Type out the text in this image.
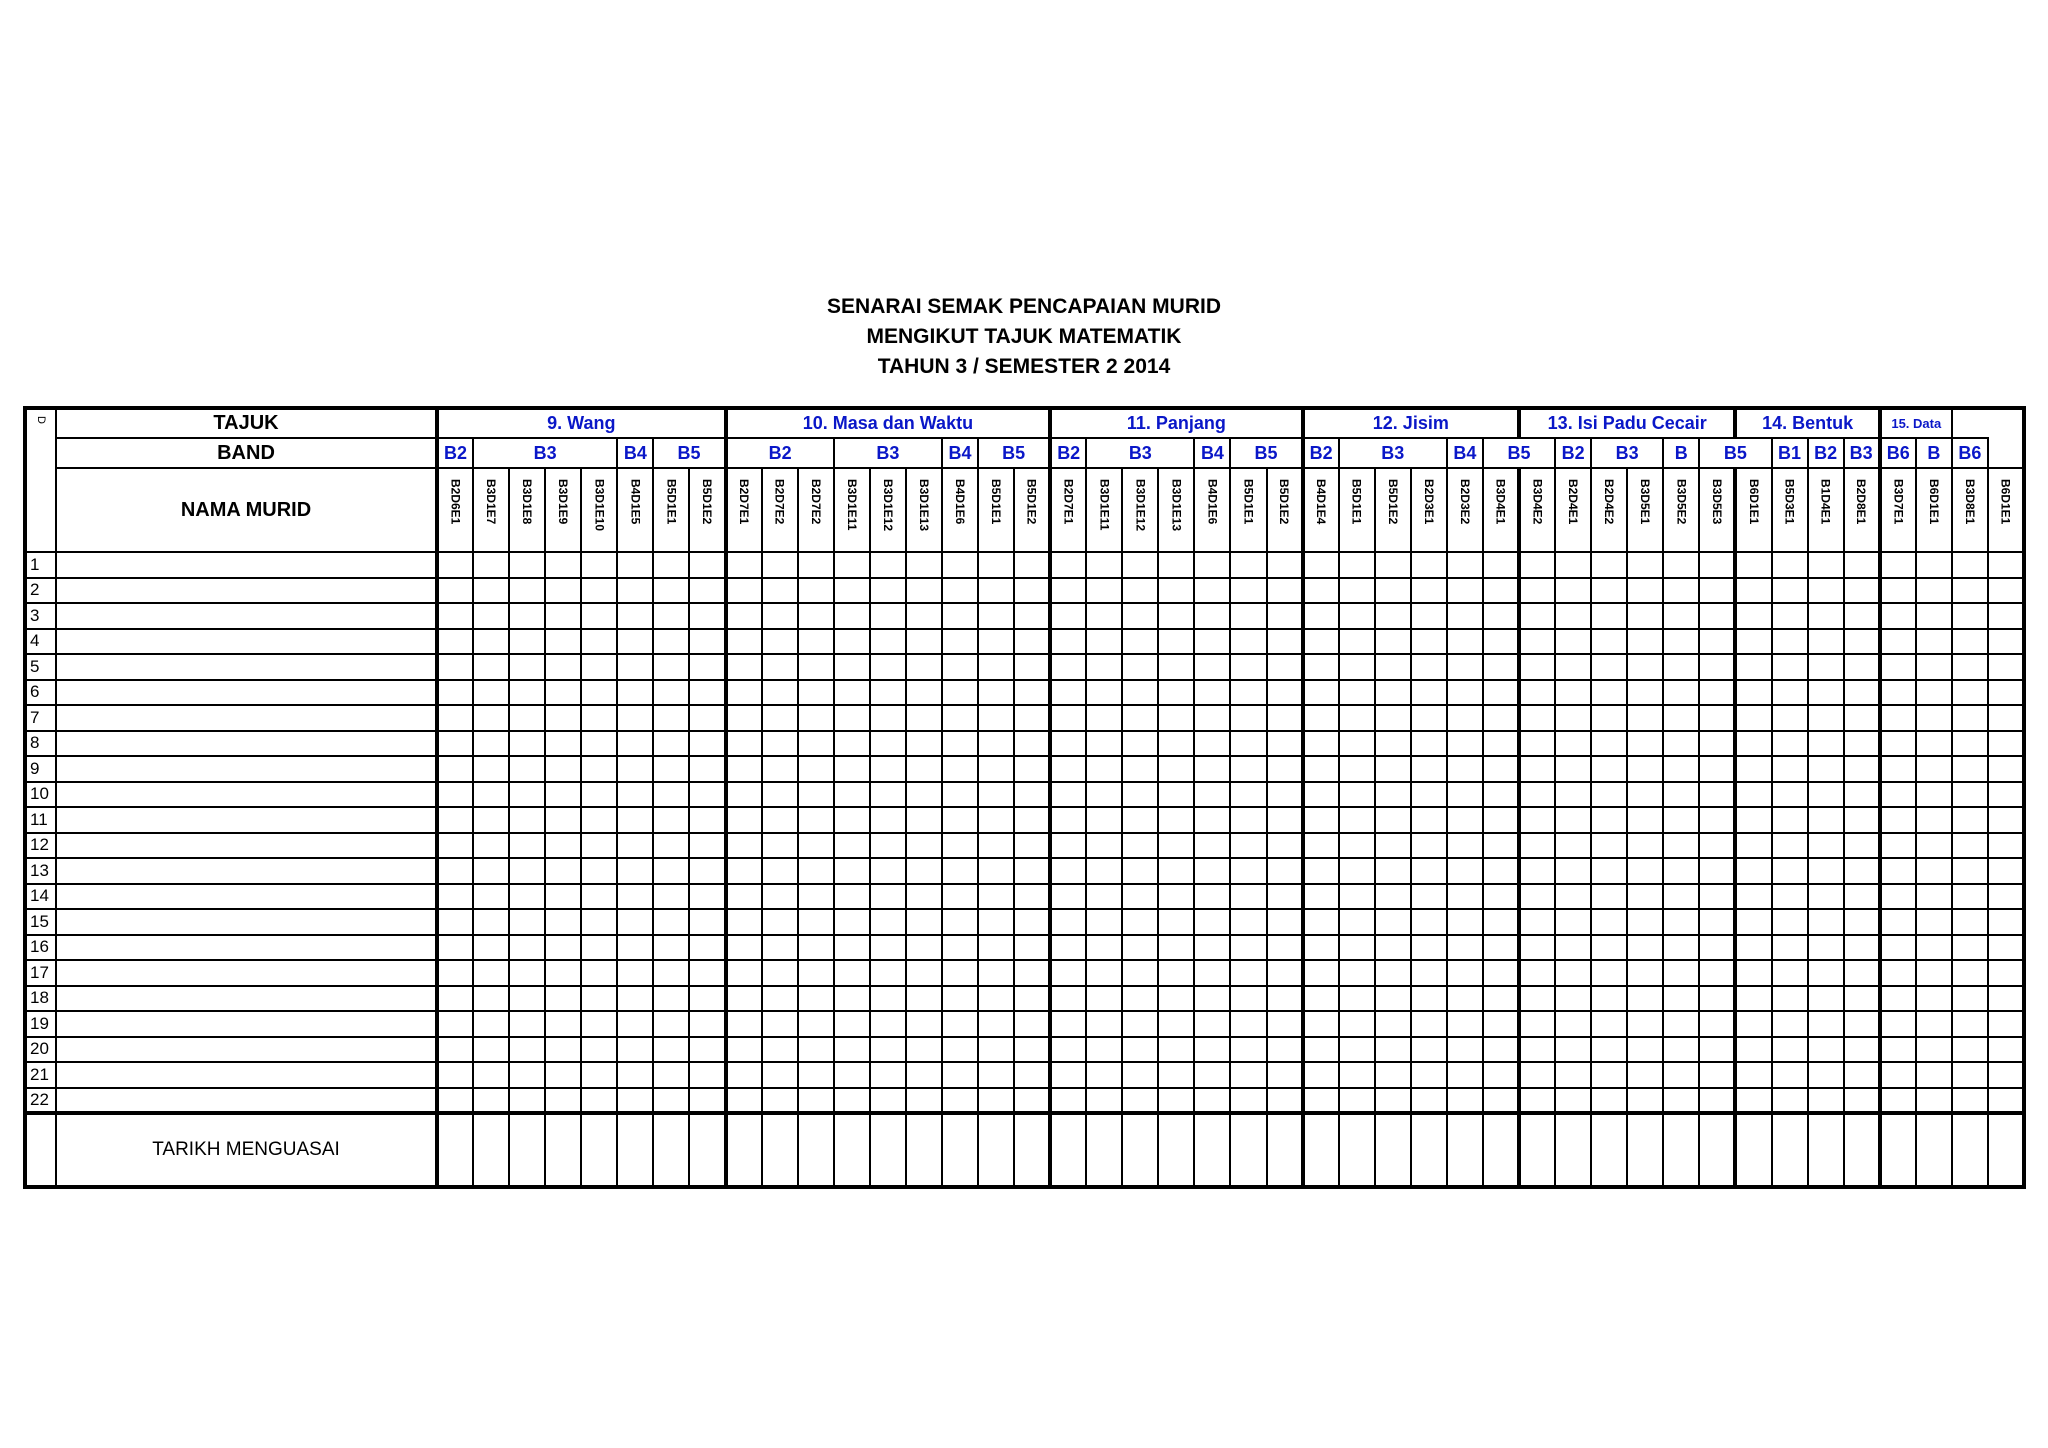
SENARAI SEMAK PENCAPAIAN MURID
MENGIKUT TAJUK MATEMATIK
TAHUN 3 / SEMESTER 2 2014
D	TAJUK	9. Wang								10. Masa dan Waktu									11. Panjang							12. Jisim						13. Isi Padu Cecair						14. Bentuk				15. Data			
	BAND	B2	B3				B4	B5		B2			B3			B4	B5		B2	B3			B4	B5		B2	B3			B4	B5		B2	B3		B	B5		B1	B2	B3	B6	B	B6	
	NAMA MURID	B2D6E1	B3D1E7	B3D1E8	B3D1E9	B3D1E10	B4D1E5	B5D1E1	B5D1E2	B2D7E1	B2D7E2	B2D7E2	B3D1E11	B3D1E12	B3D1E13	B4D1E6	B5D1E1	B5D1E2	B2D7E1	B3D1E11	B3D1E12	B3D1E13	B4D1E6	B5D1E1	B5D1E2	B4D1E4	B5D1E1	B5D1E2	B2D3E1	B2D3E2	B3D4E1	B3D4E2	B2D4E1	B2D4E2	B3D5E1	B3D5E2	B3D5E3	B6D1E1	B5D3E1	B1D4E1	B2D8E1	B3D7E1	B6D1E1	B3D8E1	B6D1E1
1																																													
2																																													
3																																													
4																																													
5																																													
6																																													
7																																													
8																																													
9																																													
10																																													
11																																													
12																																													
13																																													
14																																													
15																																													
16																																													
17																																													
18																																													
19																																													
20																																													
21																																													
22																																													
	TARIKH MENGUASAI																																												
